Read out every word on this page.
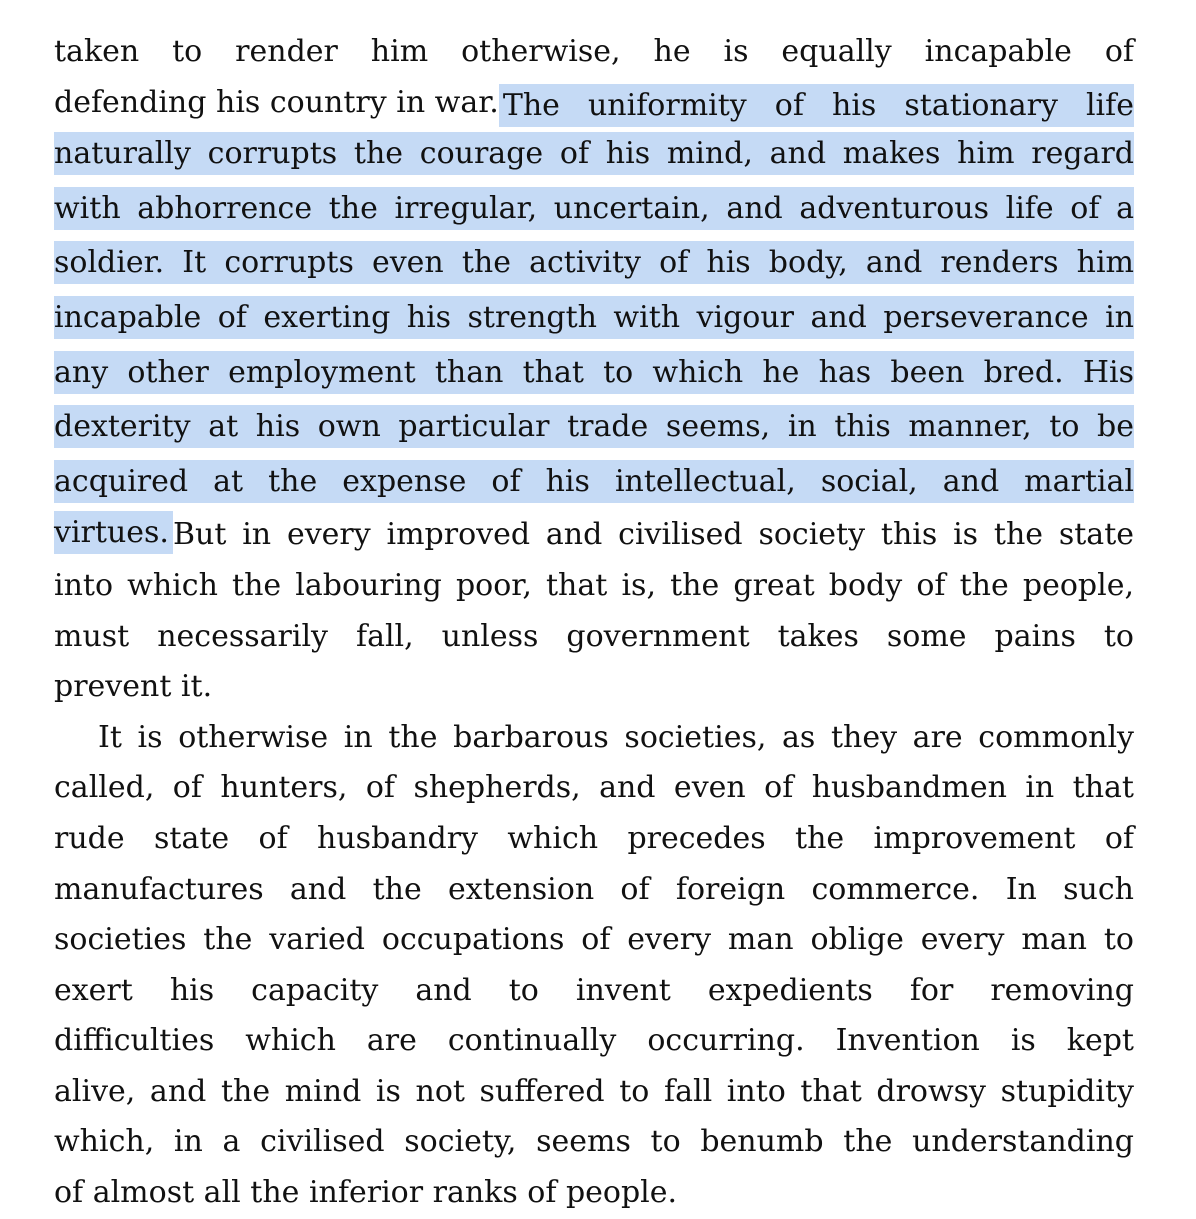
taken to render him otherwise, he is equally incapable of
defending his country in war. The uniformity of his stationary life
naturally corrupts the courage of his mind, and makes him regard
with abhorrence the irregular, uncertain, and adventurous life of a
soldier. It corrupts even the activity of his body, and renders him
incapable of exerting his strength with vigour and perseverance in
any other employment than that to which he has been bred. His
dexterity at his own particular trade seems, in this manner, to be
acquired at the expense of his intellectual, social, and martial
virtues. But in every improved and civilised society this is the state
into which the labouring poor, that is, the great body of the people,
must necessarily fall, unless government takes some pains to
prevent it.
It is otherwise in the barbarous societies, as they are commonly
called, of hunters, of shepherds, and even of husbandmen in that
rude state of husbandry which precedes the improvement of
manufactures and the extension of foreign commerce. In such
societies the varied occupations of every man oblige every man to
exert his capacity and to invent expedients for removing
difficulties which are continually occurring. Invention is kept
alive, and the mind is not suffered to fall into that drowsy stupidity
which, in a civilised society, seems to benumb the understanding
of almost all the inferior ranks of people.
